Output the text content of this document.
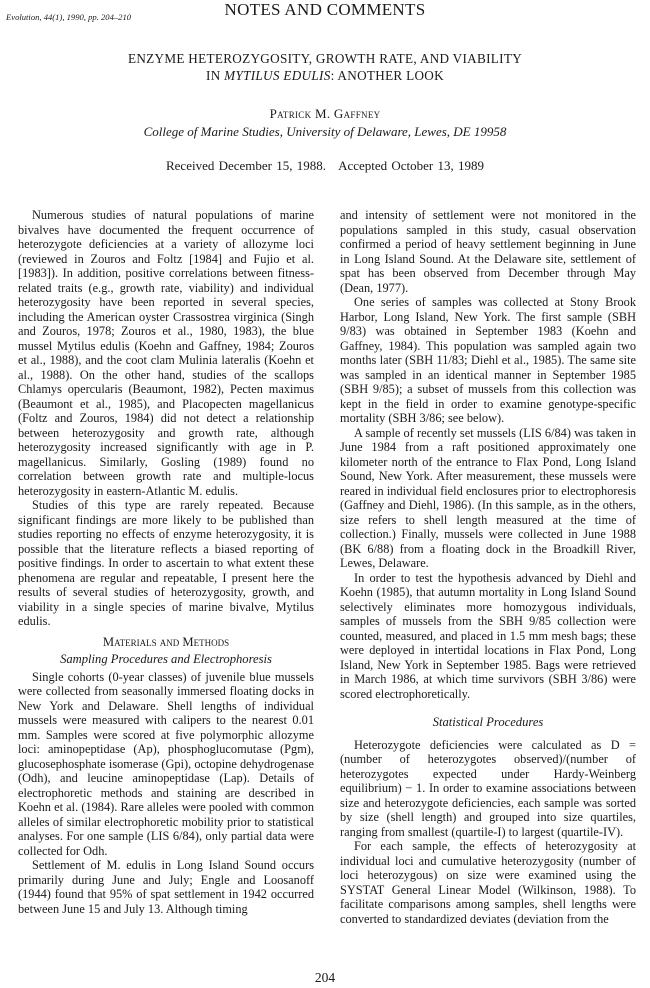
Evolution, 44(1), 1990, pp. 204–210	NOTES AND COMMENTS
ENZYME HETEROZYGOSITY, GROWTH RATE, AND VIABILITY
IN MYTILUS EDULIS: ANOTHER LOOK
Patrick M. Gaffney
College of Marine Studies, University of Delaware, Lewes, DE 19958
Received December 15, 1988. Accepted October 13, 1989

Numerous studies of natural populations of marine bivalves have documented the frequent occurrence of heterozygote deficiencies at a variety of allozyme loci (reviewed in Zouros and Foltz [1984] and Fujio et al. [1983]). In addition, positive correlations between fitness-related traits (e.g., growth rate, viability) and individual heterozygosity have been reported in several species, including the American oyster Crassostrea virginica (Singh and Zouros, 1978; Zouros et al., 1980, 1983), the blue mussel Mytilus edulis (Koehn and Gaffney, 1984; Zouros et al., 1988), and the coot clam Mulinia lateralis (Koehn et al., 1988). On the other hand, studies of the scallops Chlamys opercularis (Beaumont, 1982), Pecten maximus (Beaumont et al., 1985), and Placopecten magellanicus (Foltz and Zouros, 1984) did not detect a relationship between heterozygosity and growth rate, although heterozygosity increased significantly with age in P. magellanicus. Similarly, Gosling (1989) found no correlation between growth rate and multiple-locus heterozygosity in eastern-Atlantic M. edulis.

Studies of this type are rarely repeated. Because significant findings are more likely to be published than studies reporting no effects of enzyme heterozygosity, it is possible that the literature reflects a biased reporting of positive findings. In order to ascertain to what extent these phenomena are regular and repeatable, I present here the results of several studies of heterozygosity, growth, and viability in a single species of marine bivalve, Mytilus edulis.

Materials and Methods
Sampling Procedures and Electrophoresis

Single cohorts (0-year classes) of juvenile blue mussels were collected from seasonally immersed floating docks in New York and Delaware. Shell lengths of individual mussels were measured with calipers to the nearest 0.01 mm. Samples were scored at five polymorphic allozyme loci: aminopeptidase (Ap), phosphoglucomutase (Pgm), glucosephosphate isomerase (Gpi), octopine dehydrogenase (Odh), and leucine aminopeptidase (Lap). Details of electrophoretic methods and staining are described in Koehn et al. (1984). Rare alleles were pooled with common alleles of similar electrophoretic mobility prior to statistical analyses. For one sample (LIS 6/84), only partial data were collected for Odh.

Settlement of M. edulis in Long Island Sound occurs primarily during June and July; Engle and Loosanoff (1944) found that 95% of spat settlement in 1942 occurred between June 15 and July 13. Although timing

and intensity of settlement were not monitored in the populations sampled in this study, casual observation confirmed a period of heavy settlement beginning in June in Long Island Sound. At the Delaware site, settlement of spat has been observed from December through May (Dean, 1977).

One series of samples was collected at Stony Brook Harbor, Long Island, New York. The first sample (SBH 9/83) was obtained in September 1983 (Koehn and Gaffney, 1984). This population was sampled again two months later (SBH 11/83; Diehl et al., 1985). The same site was sampled in an identical manner in September 1985 (SBH 9/85); a subset of mussels from this collection was kept in the field in order to examine genotype-specific mortality (SBH 3/86; see below).

A sample of recently set mussels (LIS 6/84) was taken in June 1984 from a raft positioned approximately one kilometer north of the entrance to Flax Pond, Long Island Sound, New York. After measurement, these mussels were reared in individual field enclosures prior to electrophoresis (Gaffney and Diehl, 1986). (In this sample, as in the others, size refers to shell length measured at the time of collection.) Finally, mussels were collected in June 1988 (BK 6/88) from a floating dock in the Broadkill River, Lewes, Delaware.

In order to test the hypothesis advanced by Diehl and Koehn (1985), that autumn mortality in Long Island Sound selectively eliminates more homozygous individuals, samples of mussels from the SBH 9/85 collection were counted, measured, and placed in 1.5 mm mesh bags; these were deployed in intertidal locations in Flax Pond, Long Island, New York in September 1985. Bags were retrieved in March 1986, at which time survivors (SBH 3/86) were scored electrophoretically.

Statistical Procedures

Heterozygote deficiencies were calculated as D = (number of heterozygotes observed)/(number of heterozygotes expected under Hardy-Weinberg equilibrium) − 1. In order to examine associations between size and heterozygote deficiencies, each sample was sorted by size (shell length) and grouped into size quartiles, ranging from smallest (quartile-I) to largest (quartile-IV).

For each sample, the effects of heterozygosity at individual loci and cumulative heterozygosity (number of loci heterozygous) on size were examined using the SYSTAT General Linear Model (Wilkinson, 1988). To facilitate comparisons among samples, shell lengths were converted to standardized deviates (deviation from the

204
